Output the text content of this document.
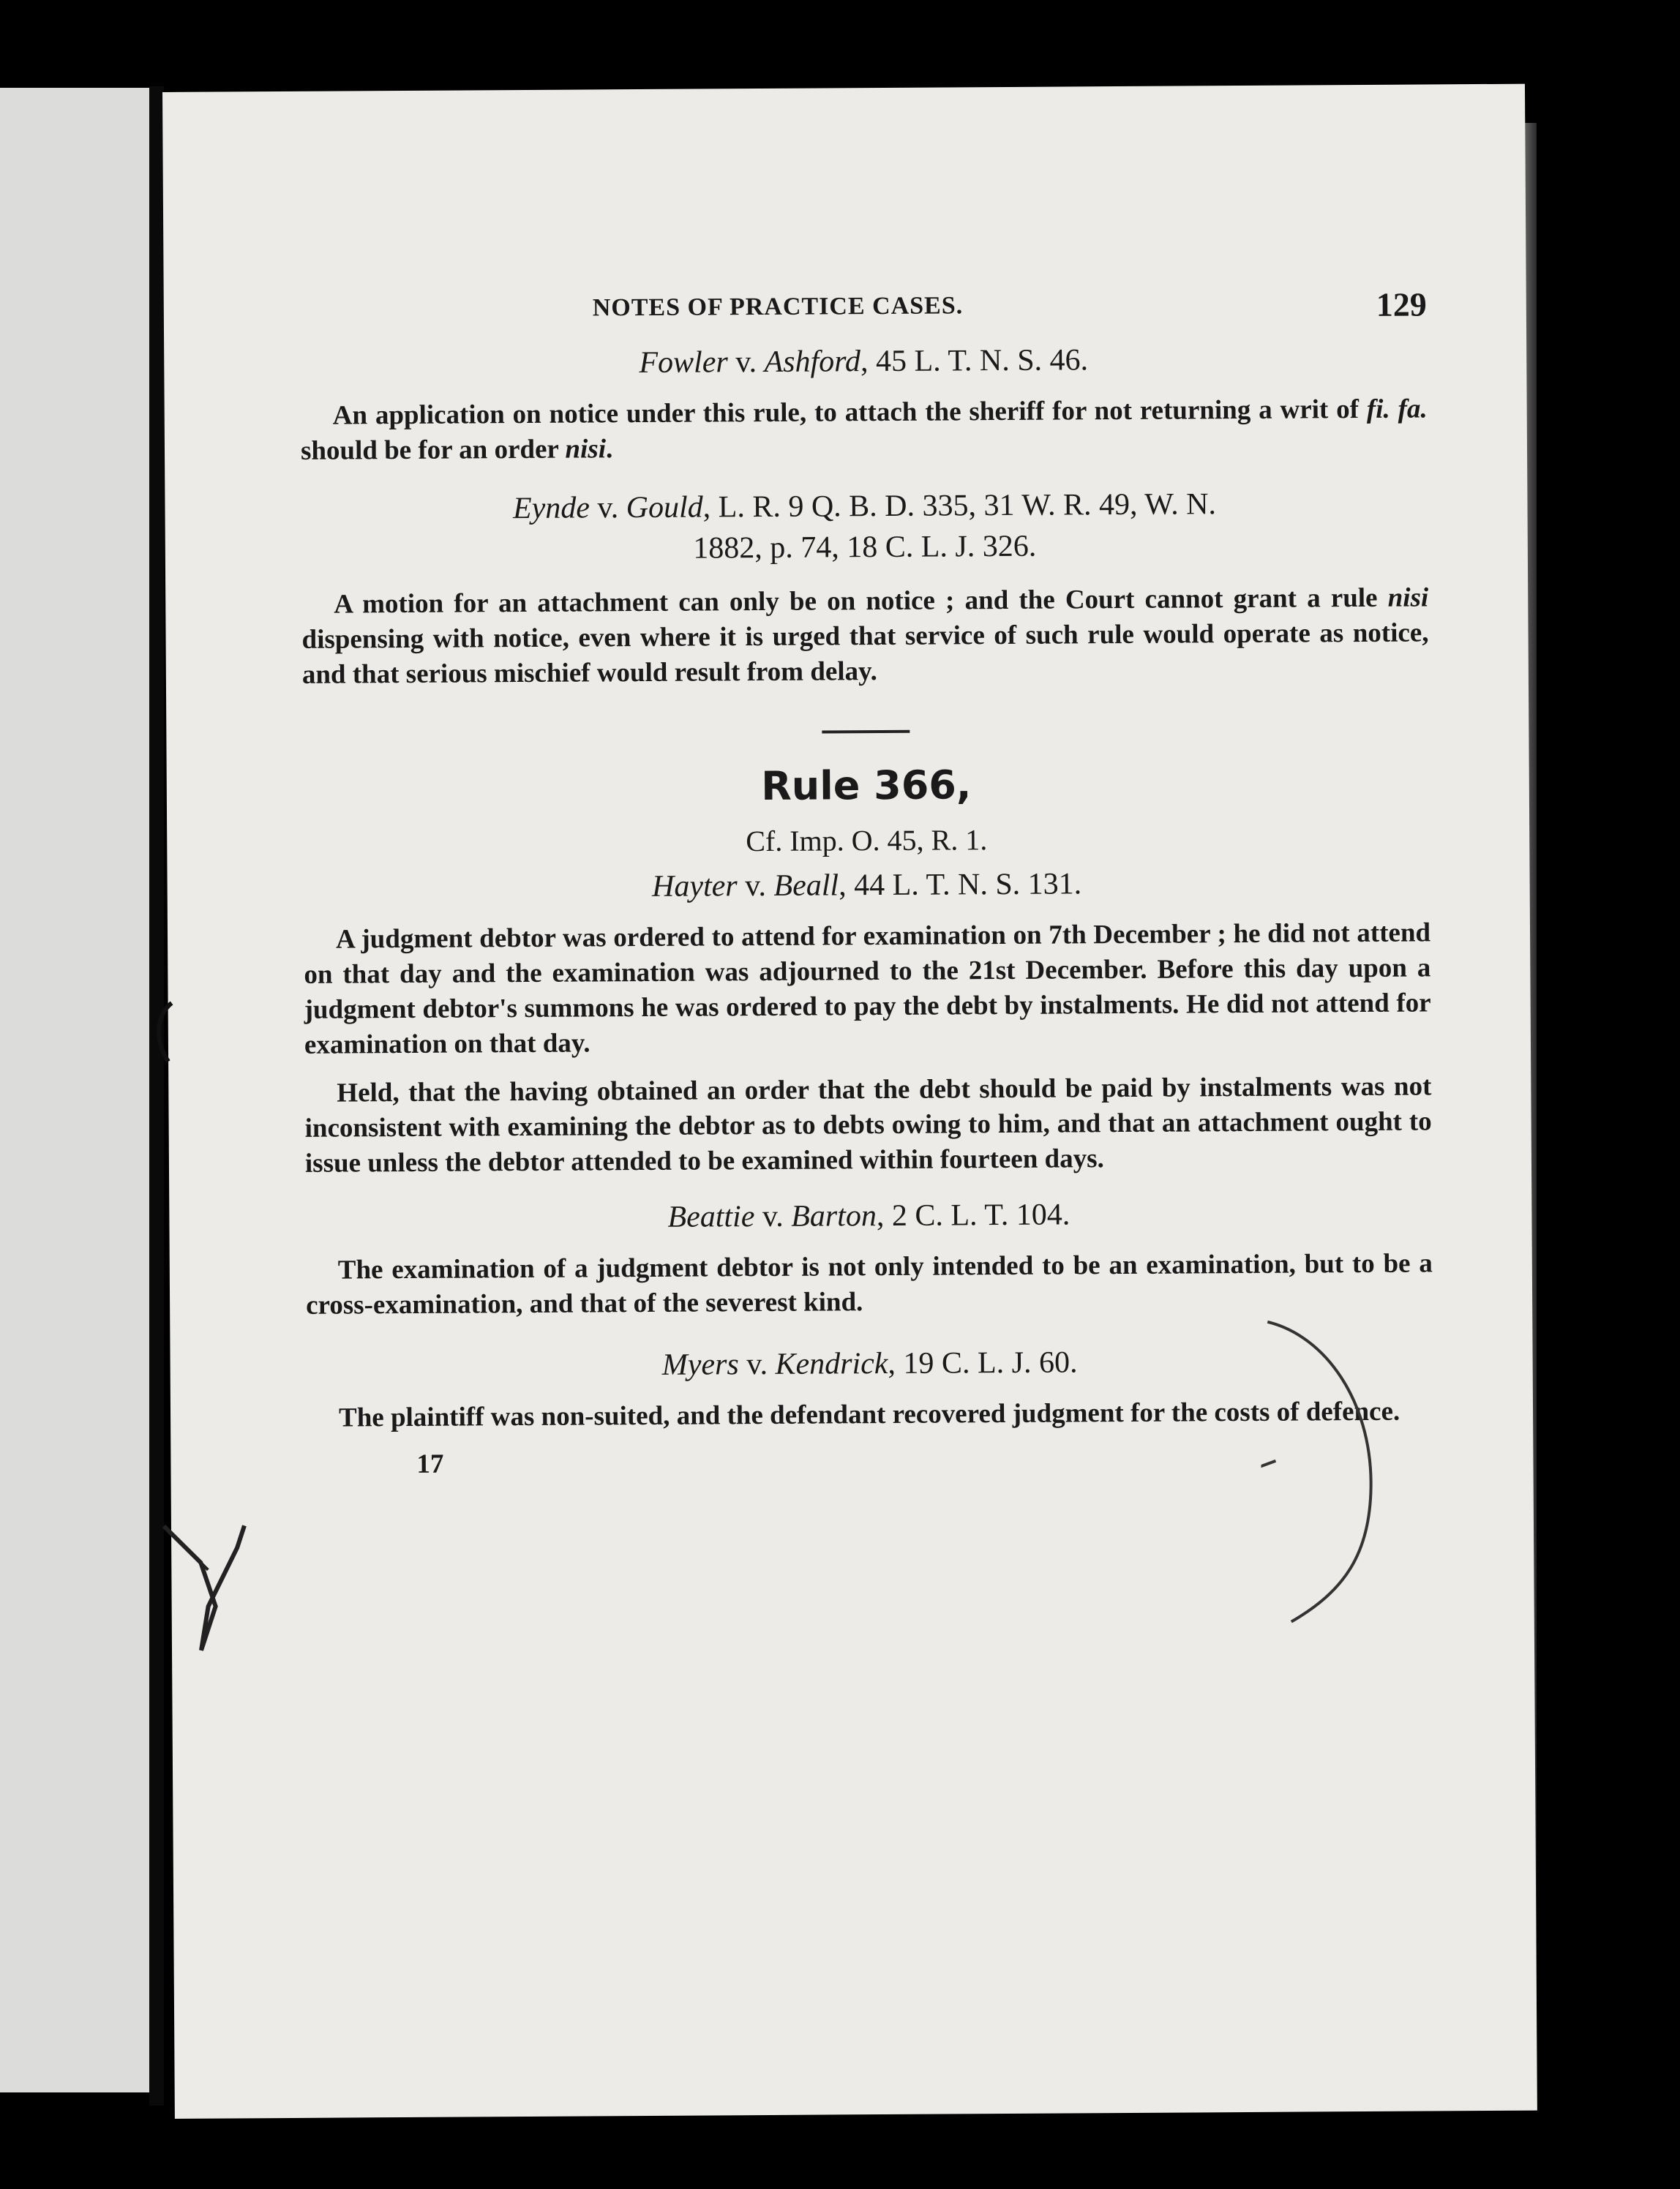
NOTES OF PRACTICE CASES.	129
Fowler v. Ashford, 45 L. T. N. S. 46.

An application on notice under this rule, to attach the sheriff for not returning a writ of fi. fa. should be for an order nisi.

Eynde v. Gould, L. R. 9 Q. B. D. 335, 31 W. R. 49, W. N.
1882, p. 74, 18 C. L. J. 326.

A motion for an attachment can only be on notice ; and the Court cannot grant a rule nisi dispensing with notice, even where it is urged that service of such rule would operate as notice, and that serious mischief would result from delay.

Rule 366,
Cf. Imp. O. 45, R. 1.
Hayter v. Beall, 44 L. T. N. S. 131.

A judgment debtor was ordered to attend for examination on 7th December ; he did not attend on that day and the examination was adjourned to the 21st December. Before this day upon a judgment debtor's summons he was ordered to pay the debt by instalments. He did not attend for examination on that day.

Held, that the having obtained an order that the debt should be paid by instalments was not inconsistent with examining the debtor as to debts owing to him, and that an attachment ought to issue unless the debtor attended to be examined within fourteen days.

Beattie v. Barton, 2 C. L. T. 104.

The examination of a judgment debtor is not only intended to be an examination, but to be a cross-examination, and that of the severest kind.

Myers v. Kendrick, 19 C. L. J. 60.

The plaintiff was non-suited, and the defendant recovered judgment for the costs of defence.

17
